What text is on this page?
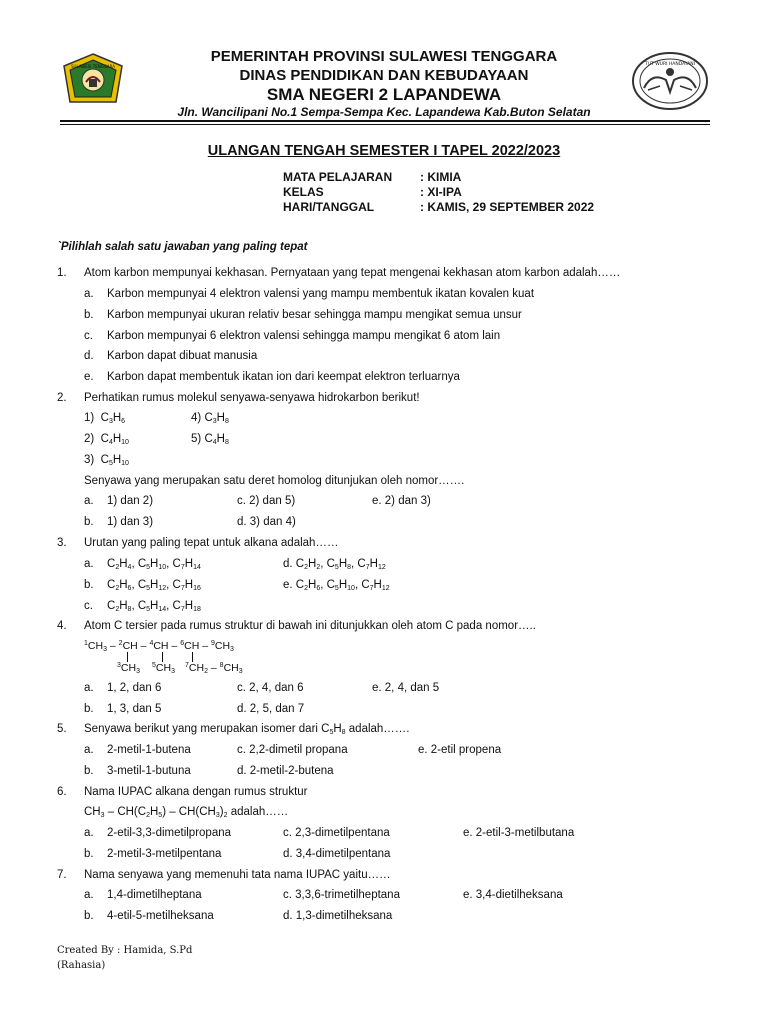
SULAWESI TENGGARA	TUT WURI HANDAYANI
PEMERINTAH PROVINSI SULAWESI TENGGARA
DINAS PENDIDIKAN DAN KEBUDAYAAN
SMA NEGERI 2 LAPANDEWA
Jln. Wancilipani No.1 Sempa-Sempa Kec. Lapandewa Kab.Buton Selatan
ULANGAN TENGAH SEMESTER I TAPEL 2022/2023
MATA PELAJARAN : KIMIA
KELAS	: XI-IPA
HARI/TANGGAL	: KAMIS, 29 SEPTEMBER 2022
`Pilihlah salah satu jawaban yang paling tepat
1. Atom karbon mempunyai kekhasan. Pernyataan yang tepat mengenai kekhasan atom karbon adalah……
a. Karbon mempunyai 4 elektron valensi yang mampu membentuk ikatan kovalen kuat
b. Karbon mempunyai ukuran relativ besar sehingga mampu mengikat semua unsur
c. Karbon mempunyai 6 elektron valensi sehingga mampu mengikat 6 atom lain
d. Karbon dapat dibuat manusia
e. Karbon dapat membentuk ikatan ion dari keempat elektron terluarnya
2. Perhatikan rumus molekul senyawa-senyawa hidrokarbon berikut!
1) $C_3H_6$	4) $C_3H_8$
2) $C_4H_{10}$	5) $C_4H_8$
3) $C_5H_{10}$
Senyawa yang merupakan satu deret homolog ditunjukan oleh nomor…….
a. 1) dan 2)	c. 2) dan 5)	e. 2) dan 3)
b. 1) dan 3)	d. 3) dan 4)
3. Urutan yang paling tepat untuk alkana adalah……
a. $C_2H_4$, $C_5H_{10}$, $C_7H_{14}$	d. $C_2H_2$, $C_5H_8$, $C_7H_{12}$
b. $C_2H_6$, $C_5H_{12}$, $C_7H_{16}$	e. $C_2H_6$, $C_5H_{10}$, $C_7H_{12}$
c. $C_2H_8$, $C_5H_{14}$, $C_7H_{18}$
4. Atom C tersier pada rumus struktur di bawah ini ditunjukkan oleh atom C pada nomor…..
$^1CH_3 - ^2CH - ^4CH - ^6CH - ^9CH_3$
$^3CH_3$
$^5CH_3$
$^7CH_2 - ^8CH_3$
a. 1, 2, dan 6	c. 2, 4, dan 6	e. 2, 4, dan 5
b. 1, 3, dan 5	d. 2, 5, dan 7
5. Senyawa berikut yang merupakan isomer dari $C_5H_8$ adalah…….
a. 2-metil-1-butena	c. 2,2-dimetil propana	e. 2-etil propena
b. 3-metil-1-butuna	d. 2-metil-2-butena
6. Nama IUPAC alkana dengan rumus struktur
$CH_3 - CH(C_2H_5) - CH(CH_3)_2$ adalah……
a. 2-etil-3,3-dimetilpropana	c. 2,3-dimetilpentana	e. 2-etil-3-metilbutana
b. 2-metil-3-metilpentana	d. 3,4-dimetilpentana
7. Nama senyawa yang memenuhi tata nama IUPAC yaitu……
a. 1,4-dimetilheptana	c. 3,3,6-trimetilheptana	e. 3,4-dietilheksana
b. 4-etil-5-metilheksana	d. 1,3-dimetilheksana
Created By : Hamida, S.Pd
(Rahasia)
